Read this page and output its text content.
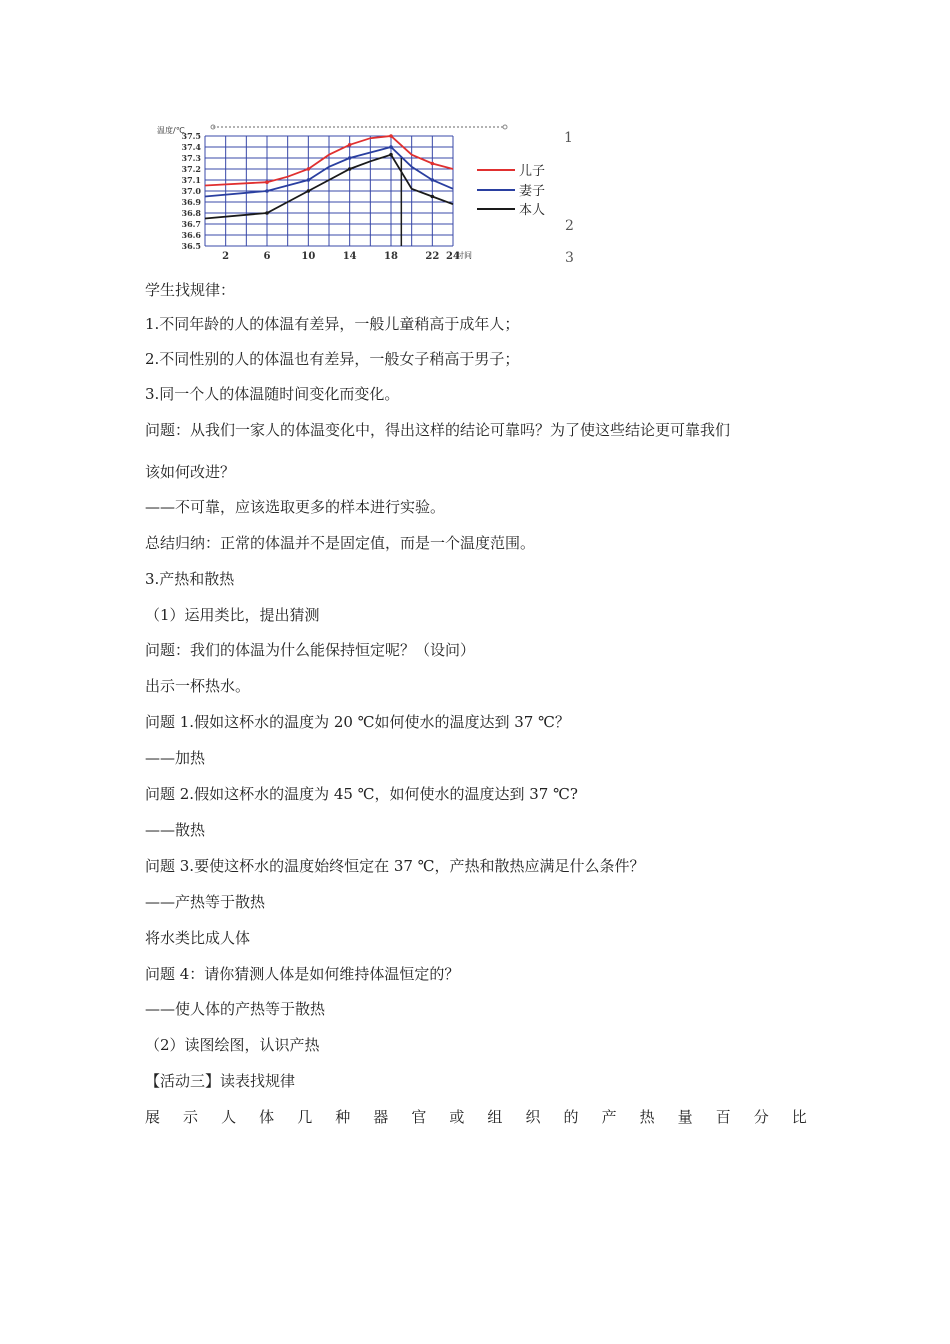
37.5
37.4
37.3
37.2
37.1
37.0
36.9
36.8
36.7
36.6
36.5
温度/℃
2	6	10	14	18	22 24
时间
儿子
妻子
本人
1
2
3
学生找规律：
1.不同年龄的人的体温有差异，一般儿童稍高于成年人；
2.不同性别的人的体温也有差异，一般女子稍高于男子；
3.同一个人的体温随时间变化而变化。
问题：从我们一家人的体温变化中，得出这样的结论可靠吗？为了使这些结论更可靠我们
该如何改进？
——不可靠，应该选取更多的样本进行实验。
总结归纳：正常的体温并不是固定值，而是一个温度范围。
3.产热和散热
（1）运用类比，提出猜测
问题：我们的体温为什么能保持恒定呢？（设问）
出示一杯热水。
问题 1.假如这杯水的温度为 20 ℃如何使水的温度达到 37 ℃？
——加热
问题 2.假如这杯水的温度为 45 ℃，如何使水的温度达到 37 ℃?
——散热
问题 3.要使这杯水的温度始终恒定在 37 ℃，产热和散热应满足什么条件？
——产热等于散热
将水类比成人体
问题 4：请你猜测人体是如何维持体温恒定的？
——使人体的产热等于散热
（2）读图绘图，认识产热
【活动三】读表找规律
展 示 人 体 几 种 器 官 或 组 织 的 产 热 量 百 分 比
